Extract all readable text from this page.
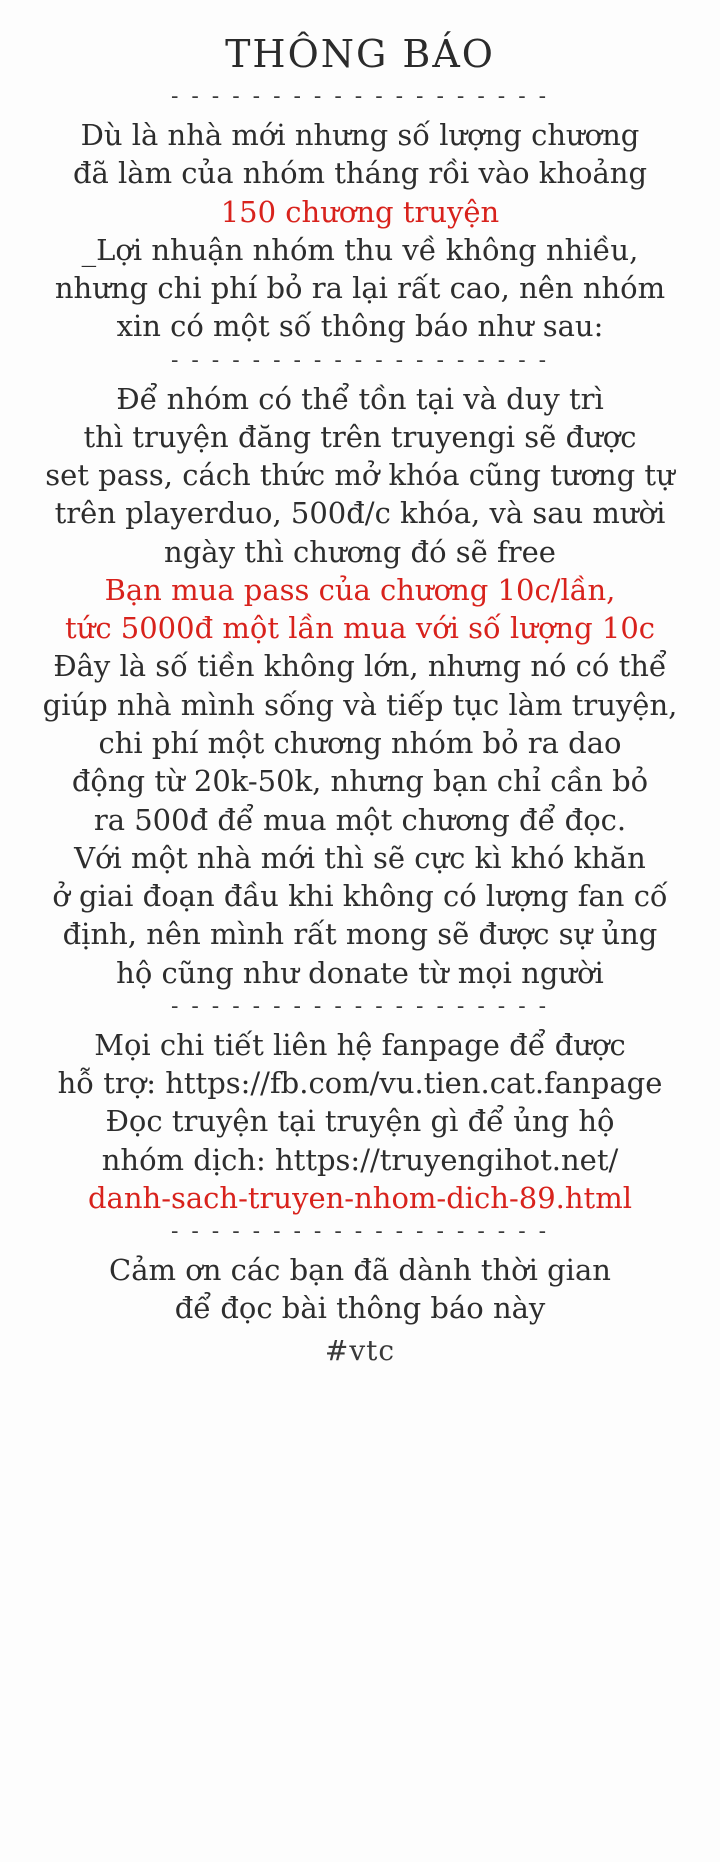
THÔNG BÁO
- - - - - - - - - - - - - - - - - - -
Dù là nhà mới nhưng số lượng chương
đã làm của nhóm tháng rồi vào khoảng
150 chương truyện
_Lợi nhuận nhóm thu về không nhiều,
nhưng chi phí bỏ ra lại rất cao, nên nhóm
xin có một số thông báo như sau:
- - - - - - - - - - - - - - - - - - -
Để nhóm có thể tồn tại và duy trì
thì truyện đăng trên truyengi sẽ được
set pass, cách thức mở khóa cũng tương tự
trên playerduo, 500đ/c khóa, và sau mười
ngày thì chương đó sẽ free
Bạn mua pass của chương 10c/lần,
tức 5000đ một lần mua với số lượng 10c
Đây là số tiền không lớn, nhưng nó có thể
giúp nhà mình sống và tiếp tục làm truyện,
chi phí một chương nhóm bỏ ra dao
động từ 20k-50k, nhưng bạn chỉ cần bỏ
ra 500đ để mua một chương để đọc.
Với một nhà mới thì sẽ cực kì khó khăn
ở giai đoạn đầu khi không có lượng fan cố
định, nên mình rất mong sẽ được sự ủng
hộ cũng như donate từ mọi người
- - - - - - - - - - - - - - - - - - -
Mọi chi tiết liên hệ fanpage để được
hỗ trợ: https://fb.com/vu.tien.cat.fanpage
Đọc truyện tại truyện gì để ủng hộ
nhóm dịch: https://truyengihot.net/
danh-sach-truyen-nhom-dich-89.html
- - - - - - - - - - - - - - - - - - -
Cảm ơn các bạn đã dành thời gian
để đọc bài thông báo này
#vtc
